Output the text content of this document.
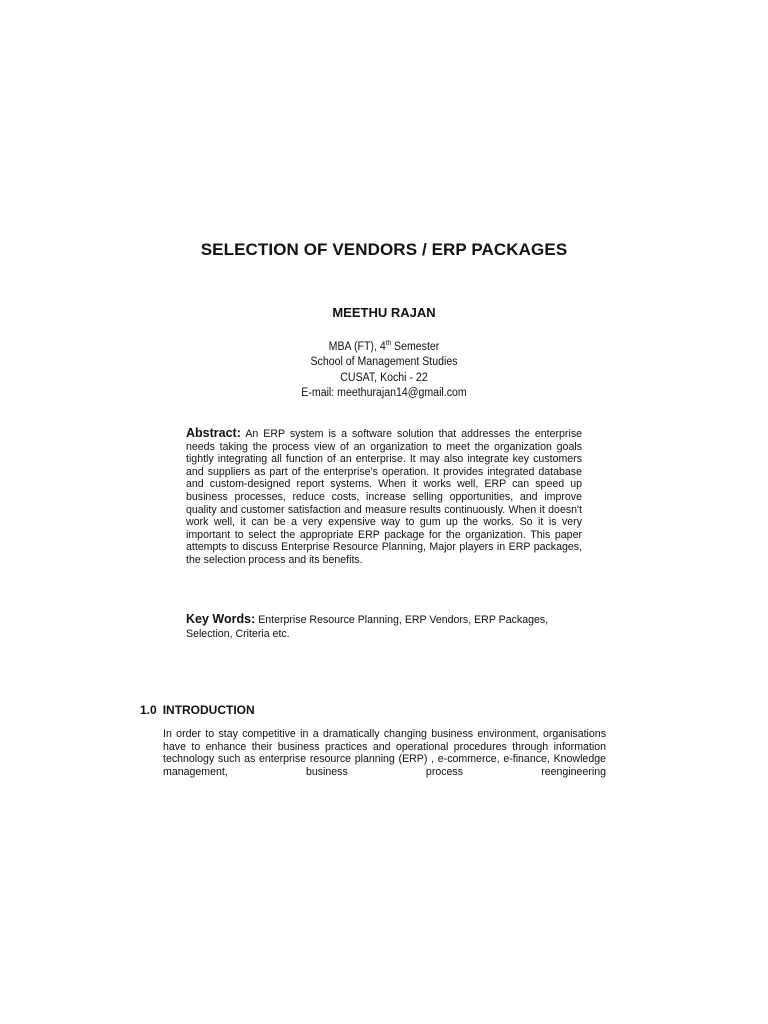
SELECTION OF VENDORS / ERP PACKAGES
MEETHU RAJAN
MBA (FT), 4th Semester
School of Management Studies
CUSAT, Kochi - 22
E-mail: meethurajan14@gmail.com

Abstract: An ERP system is a software solution that addresses the enterprise needs taking the process view of an organization to meet the organization goals tightly integrating all function of an enterprise. It may also integrate key customers and suppliers as part of the enterprise’s operation. It provides integrated database and custom-designed report systems. When it works well, ERP can speed up business processes, reduce costs, increase selling opportunities, and improve quality and customer satisfaction and measure results continuously. When it doesn't work well, it can be a very expensive way to gum up the works. So it is very important to select the appropriate ERP package for the organization. This paper attempts to discuss Enterprise Resource Planning, Major players in ERP packages, the selection process and its benefits.

Key Words: Enterprise Resource Planning, ERP Vendors, ERP Packages, Selection, Criteria etc.

1.0 INTRODUCTION

In order to stay competitive in a dramatically changing business environment, organisations have to enhance their business practices and operational procedures through information technology such as enterprise resource planning (ERP) , e-commerce, e-finance, Knowledge management, business process reengineering
